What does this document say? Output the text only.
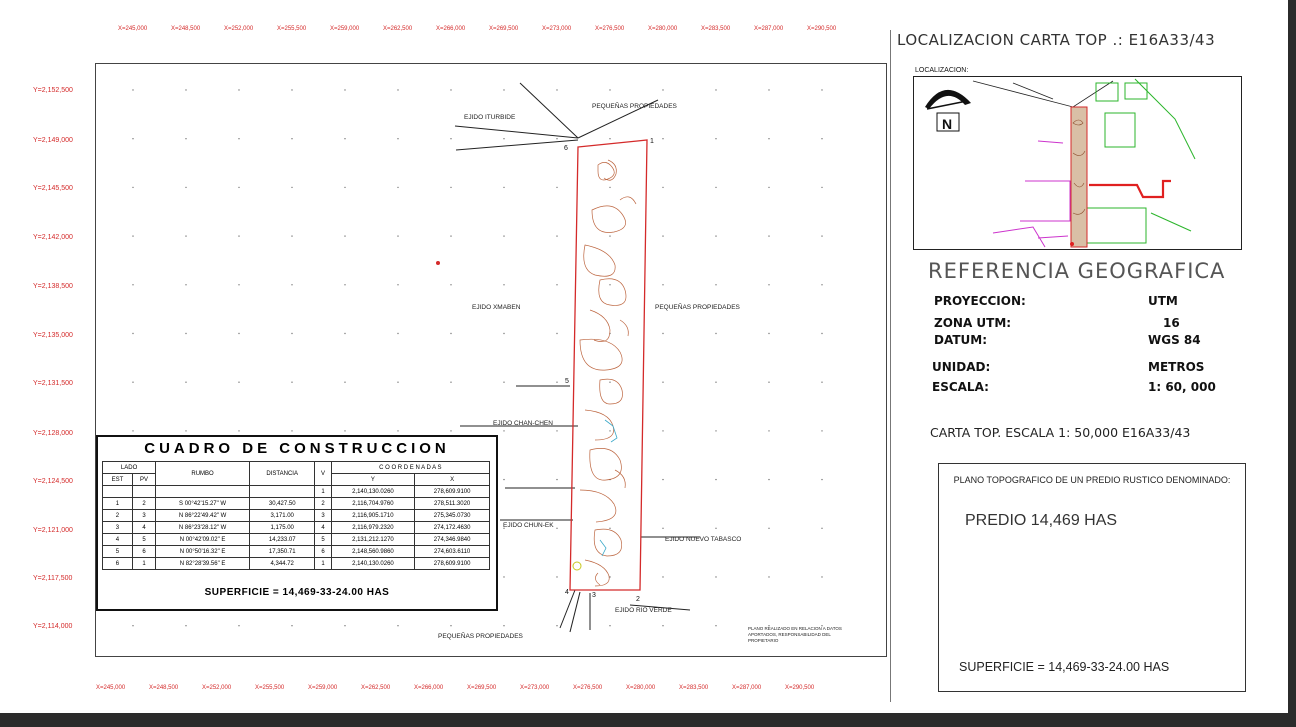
X=245,000	X=248,500	X=252,000	X=255,500	X=259,000	X=262,500	X=266,000	X=269,500	X=273,000	X=276,500	X=280,000	X=283,500	X=287,000	X=290,500
X=245,000	X=248,500	X=252,000	X=255,500	X=259,000	X=262,500	X=266,000	X=269,500	X=273,000	X=276,500	X=280,000	X=283,500	X=287,000	X=290,500
Y=2,152,500
Y=2,149,000
Y=2,145,500
Y=2,142,000
Y=2,138,500
Y=2,135,000
Y=2,131,500
Y=2,128,000
Y=2,124,500
Y=2,121,000
Y=2,117,500
Y=2,114,000
EJIDO ITURBIDE
PEQUEÑAS PROPIEDADES
EJIDO XMABEN	PEQUEÑAS PROPIEDADES
EJIDO CHAN-CHEN
EJIDO CHUN-EK
EJIDO NUEVO TABASCO
EJIDO RIO VERDE
PEQUEÑAS PROPIEDADES
PLANO REALIZADO EN RELACION A DATOS APORTADOS, RESPONSABILIDAD DEL PROPIETARIO
1
2
3
4
5
6
CUADRO DE CONSTRUCCION
LADO		RUMBO	DISTANCIA	V	C O O R D E N A D A S	
EST	PV				Y	X
				1	2,140,130.0260	278,609.9100
1	2	S 00°42'15.27" W	30,427.50	2	2,116,704.9760	278,511.3020
2	3	N 86°22'49.42" W	3,171.00	3	2,116,905.1710	275,345.0730
3	4	N 86°23'28.12" W	1,175.00	4	2,116,979.2320	274,172.4630
4	5	N 00°42'09.02" E	14,233.07	5	2,131,212.1270	274,346.9840
5	6	N 00°50'16.32" E	17,350.71	6	2,148,560.9860	274,603.6110
6	1	N 82°28'39.56" E	4,344.72	1	2,140,130.0260	278,609.9100
SUPERFICIE = 14,469-33-24.00 HAS
LOCALIZACION CARTA TOP .: E16A33/43
LOCALIZACION:
N
REFERENCIA GEOGRAFICA
PROYECCION:	UTM
ZONA UTM:	16
DATUM:	WGS 84
UNIDAD:	METROS
ESCALA:	1: 60, 000
CARTA TOP. ESCALA 1: 50,000 E16A33/43
PLANO TOPOGRAFICO DE UN PREDIO RUSTICO DENOMINADO:
PREDIO 14,469 HAS
SUPERFICIE = 14,469-33-24.00 HAS
